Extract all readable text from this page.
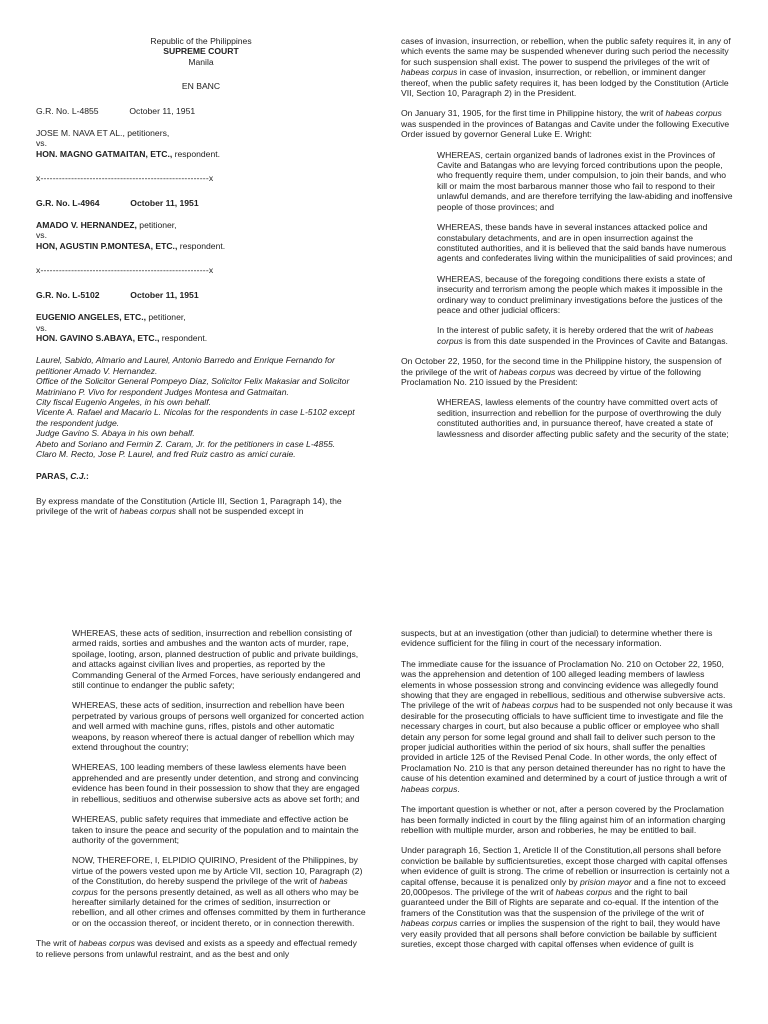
Republic of the Philippines

SUPREME COURT

Manila

EN BANC

G.R. No. L-4855	October 11, 1951

JOSE M. NAVA ET AL., petitioners,

vs.

HON. MAGNO GATMAITAN, ETC., respondent.

x-------------------------------------------------------x

G.R. No. L-4964	October 11, 1951

AMADO V. HERNANDEZ, petitioner,

vs.

HON, AGUSTIN P.MONTESA, ETC., respondent.

x-------------------------------------------------------x

G.R. No. L-5102	October 11, 1951

EUGENIO ANGELES, ETC., petitioner,

vs.

HON. GAVINO S.ABAYA, ETC., respondent.

Laurel, Sabido, Almario and Laurel, Antonio Barredo and Enrique Fernando for petitioner Amado V. Hernandez.

Office of the Solicitor General Pompeyo Diaz, Solicitor Felix Makasiar and Solicitor Matriniano P. Vivo for respondent Judges Montesa and Gatmaitan.

City fiscal Eugenio Angeles, in his own behalf.

Vicente A. Rafael and Macario L. Nicolas for the respondents in case L-5102 except the respondent judge.

Judge Gavino S. Abaya in his own behalf.

Abeto and Soriano and Fermin Z. Caram, Jr. for the petitioners in case L-4855.

Claro M. Recto, Jose P. Laurel, and fred Ruiz castro as amici curaie.

PARAS, C.J.:

By express mandate of the Constitution (Article III, Section 1, Paragraph 14), the privilege of the writ of habeas corpus shall not be suspended except in

cases of invasion, insurrection, or rebellion, when the public safety requires it, in any of which events the same may be suspended whenever during such period the necessity for such suspension shall exist. The power to suspend the privileges of the writ of habeas corpus in case of invasion, insurrection, or rebellion, or imminent danger thereof, when the public safety requires it, has been lodged by the Constitution (Article VII, Section 10, Paragraph 2) in the President.

On January 31, 1905, for the first time in Philippine history, the writ of habeas corpus was suspended in the provinces of Batangas and Cavite under the following Executive Order issued by governor General Luke E. Wright:

WHEREAS, certain organized bands of ladrones exist in the Provinces of Cavite and Batangas who are levying forced contributions upon the people, who frequently require them, under compulsion, to join their bands, and who kill or maim the most barbarous manner those who fail to respond to their unlawful demands, and are therefore terrifying the law-abiding and inoffensive people of those provinces; and

WHEREAS, these bands have in several instances attacked police and constabulary detachments, and are in open insurrection against the constituted authorities, and it is believed that the said bands have numerous agents and confederates living within the municipalities of said provinces; and

WHEREAS, because of the foregoing conditions there exists a state of insecurity and terrorism among the people which makes it impossible in the ordinary way to conduct preliminary investigations before the justices of the peace and other judicial officers:

In the interest of public safety, it is hereby ordered that the writ of habeas corpus is from this date suspended in the Provinces of Cavite and Batangas.

On October 22, 1950, for the second time in the Philippine history, the suspension of the privilege of the writ of habeas corpus was decreed by virtue of the following Proclamation No. 210 issued by the President:

WHEREAS, lawless elements of the country have committed overt acts of sedition, insurrection and rebellion for the purpose of overthrowing the duly constituted authorities and, in pursuance thereof, have created a state of lawlessness and disorder affecting public safety and the security of the state;

WHEREAS, these acts of sedition, insurrection and rebellion consisting of armed raids, sorties and ambushes and the wanton acts of murder, rape, spoilage, looting, arson, planned destruction of public and private buildings, and attacks against civilian lives and properties, as reported by the Commanding General of the Armed Forces, have seriously endangered and still continue to endanger the public safety;

WHEREAS, these acts of sedition, insurrection and rebellion have been perpetrated by various groups of persons well organized for concerted action and well armed with machine guns, rifles, pistols and other automatic weapons, by reason whereof there is actual danger of rebellion which may extend throughout the country;

WHEREAS, 100 leading members of these lawless elements have been apprehended and are presently under detention, and strong and convincing evidence has been found in their possession to show that they are engaged in rebellious, seditiuos and otherwise subersive acts as above set forth; and

WHEREAS, public safety requires that immediate and effective action be taken to insure the peace and security of the population and to maintain the authority of the government;

NOW, THEREFORE, I, ELPIDIO QUIRINO, President of the Philippines, by virtue of the powers vested upon me by Article VII, section 10, Paragraph (2) of the Constitution, do hereby suspend the privilege of the writ of habeas corpus for the persons presently detained, as well as all others who may be hereafter similarly detained for the crimes of sedition, insurrection or rebellion, and all other crimes and offenses committed by them in furtherance or on the occassion thereof, or incident thereto, or in connection therewith.

The writ of habeas corpus was devised and exists as a speedy and effectual remedy to relieve persons from unlawful restraint, and as the best and only

suspects, but at an investigation (other than judicial) to determine whether there is evidence sufficient for the filing in court of the necessary information.

The immediate cause for the issuance of Proclamation No. 210 on October 22, 1950, was the apprehension and detention of 100 alleged leading members of lawless elements in whose possession strong and convincing evidence was allegedly found showing that they are engaged in rebellious, seditious and otherwise subversive acts. The privilege of the writ of habeas corpus had to be suspended not only because it was desirable for the prosecuting officials to have sufficient time to investigate and file the necessary charges in court, but also because a public officer or employee who shall detain any person for some legal ground and shall fail to deliver such person to the proper judicial authorities within the period of six hours, shall suffer the penalties provided in article 125 of the Revised Penal Code. In other words, the only effect of Proclamation No. 210 is that any person detained thereunder has no right to have the cause of his detention examined and determined by a court of justice through a writ of habeas corpus.

The important question is whether or not, after a person covered by the Proclamation has been formally indicted in court by the filing against him of an information charging rebellion with multiple murder, arson and robberies, he may be entitled to bail.

Under paragraph 16, Section 1, Areticle II of the Constitution,all persons shall before conviction be bailable by sufficientsureties, except those charged with capital offenses when evidence of guilt is strong. The crime of rebellion or insurrection is certainly not a capital offense, because it is penalized only by prision mayor and a fine not to exceed 20,000pesos. The privilege of the writ of habeas corpus and the right to bail guaranteed under the Bill of Rights are separate and co-equal. If the intention of the framers of the Constitution was that the suspension of the privilege of the writ of habeas corpus carries or implies the suspension of the right to bail, they would have very easily provided that all persons shall before conviction be bailable by sufficient sureties, except those charged with capital offenses when evidence of guilt is
